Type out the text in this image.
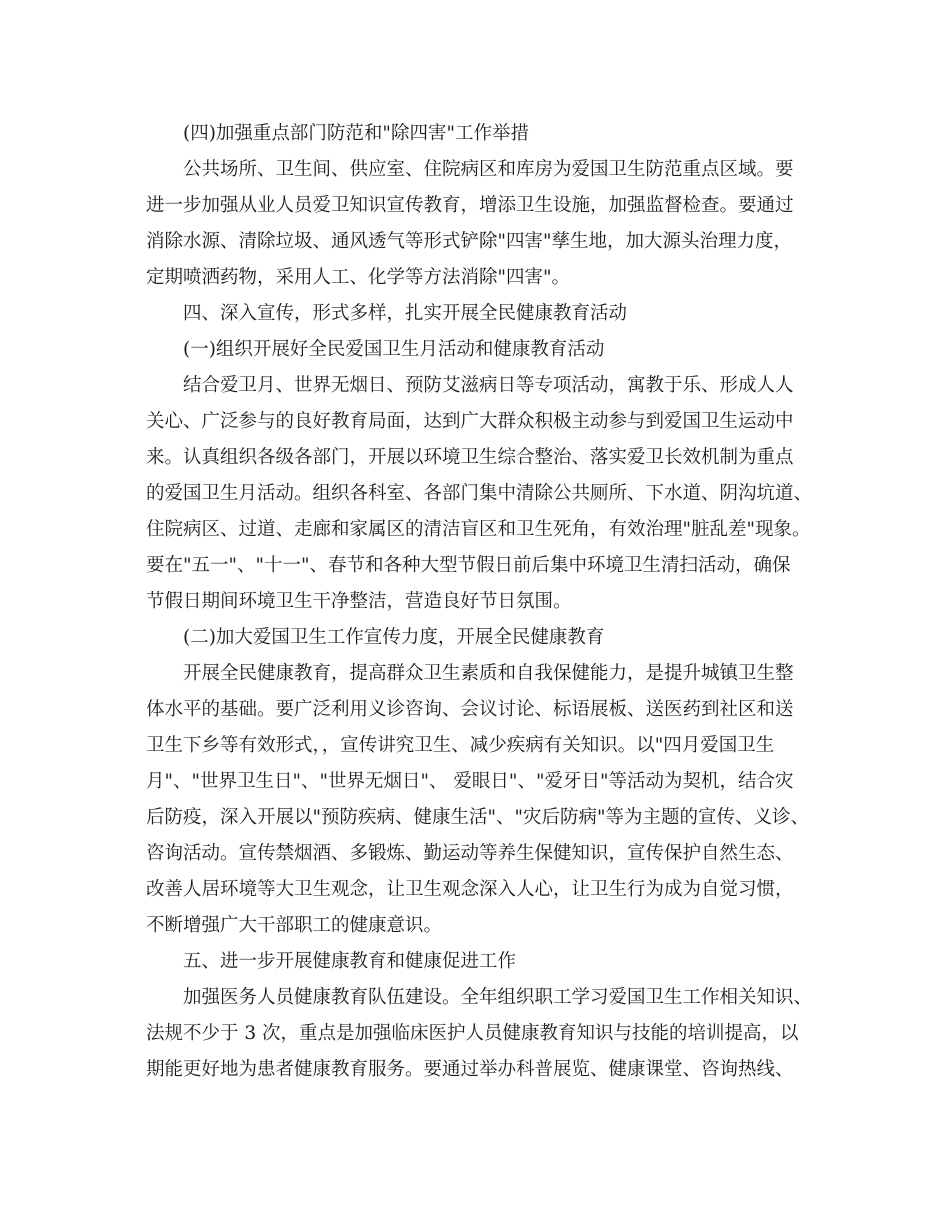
(四)加强重点部门防范和"除四害"工作举措
公共场所、卫生间、供应室、住院病区和库房为爱国卫生防范重点区域。要
进一步加强从业人员爱卫知识宣传教育，增添卫生设施，加强监督检查。要通过
消除水源、清除垃圾、通风透气等形式铲除"四害"孳生地，加大源头治理力度，
定期喷洒药物，采用人工、化学等方法消除"四害"。
四、深入宣传，形式多样，扎实开展全民健康教育活动
(一)组织开展好全民爱国卫生月活动和健康教育活动
结合爱卫月、世界无烟日、预防艾滋病日等专项活动，寓教于乐、形成人人
关心、广泛参与的良好教育局面，达到广大群众积极主动参与到爱国卫生运动中
来。认真组织各级各部门，开展以环境卫生综合整治、落实爱卫长效机制为重点
的爱国卫生月活动。组织各科室、各部门集中清除公共厕所、下水道、阴沟坑道、
住院病区、过道、走廊和家属区的清洁盲区和卫生死角，有效治理"脏乱差"现象。
要在"五一"、"十一"、春节和各种大型节假日前后集中环境卫生清扫活动，确保
节假日期间环境卫生干净整洁，营造良好节日氛围。
(二)加大爱国卫生工作宣传力度，开展全民健康教育
开展全民健康教育，提高群众卫生素质和自我保健能力，是提升城镇卫生整
体水平的基础。要广泛利用义诊咨询、会议讨论、标语展板、送医药到社区和送
卫生下乡等有效形式，，宣传讲究卫生、减少疾病有关知识。以"四月爱国卫生
月"、"世界卫生日"、"世界无烟日"、 爱眼日"、"爱牙日"等活动为契机，结合灾
后防疫，深入开展以"预防疾病、健康生活"、"灾后防病"等为主题的宣传、义诊、
咨询活动。宣传禁烟酒、多锻炼、勤运动等养生保健知识，宣传保护自然生态、
改善人居环境等大卫生观念，让卫生观念深入人心，让卫生行为成为自觉习惯，
不断增强广大干部职工的健康意识。
五、进一步开展健康教育和健康促进工作
加强医务人员健康教育队伍建设。全年组织职工学习爱国卫生工作相关知识、
法规不少于 3 次，重点是加强临床医护人员健康教育知识与技能的培训提高，以
期能更好地为患者健康教育服务。要通过举办科普展览、健康课堂、咨询热线、
